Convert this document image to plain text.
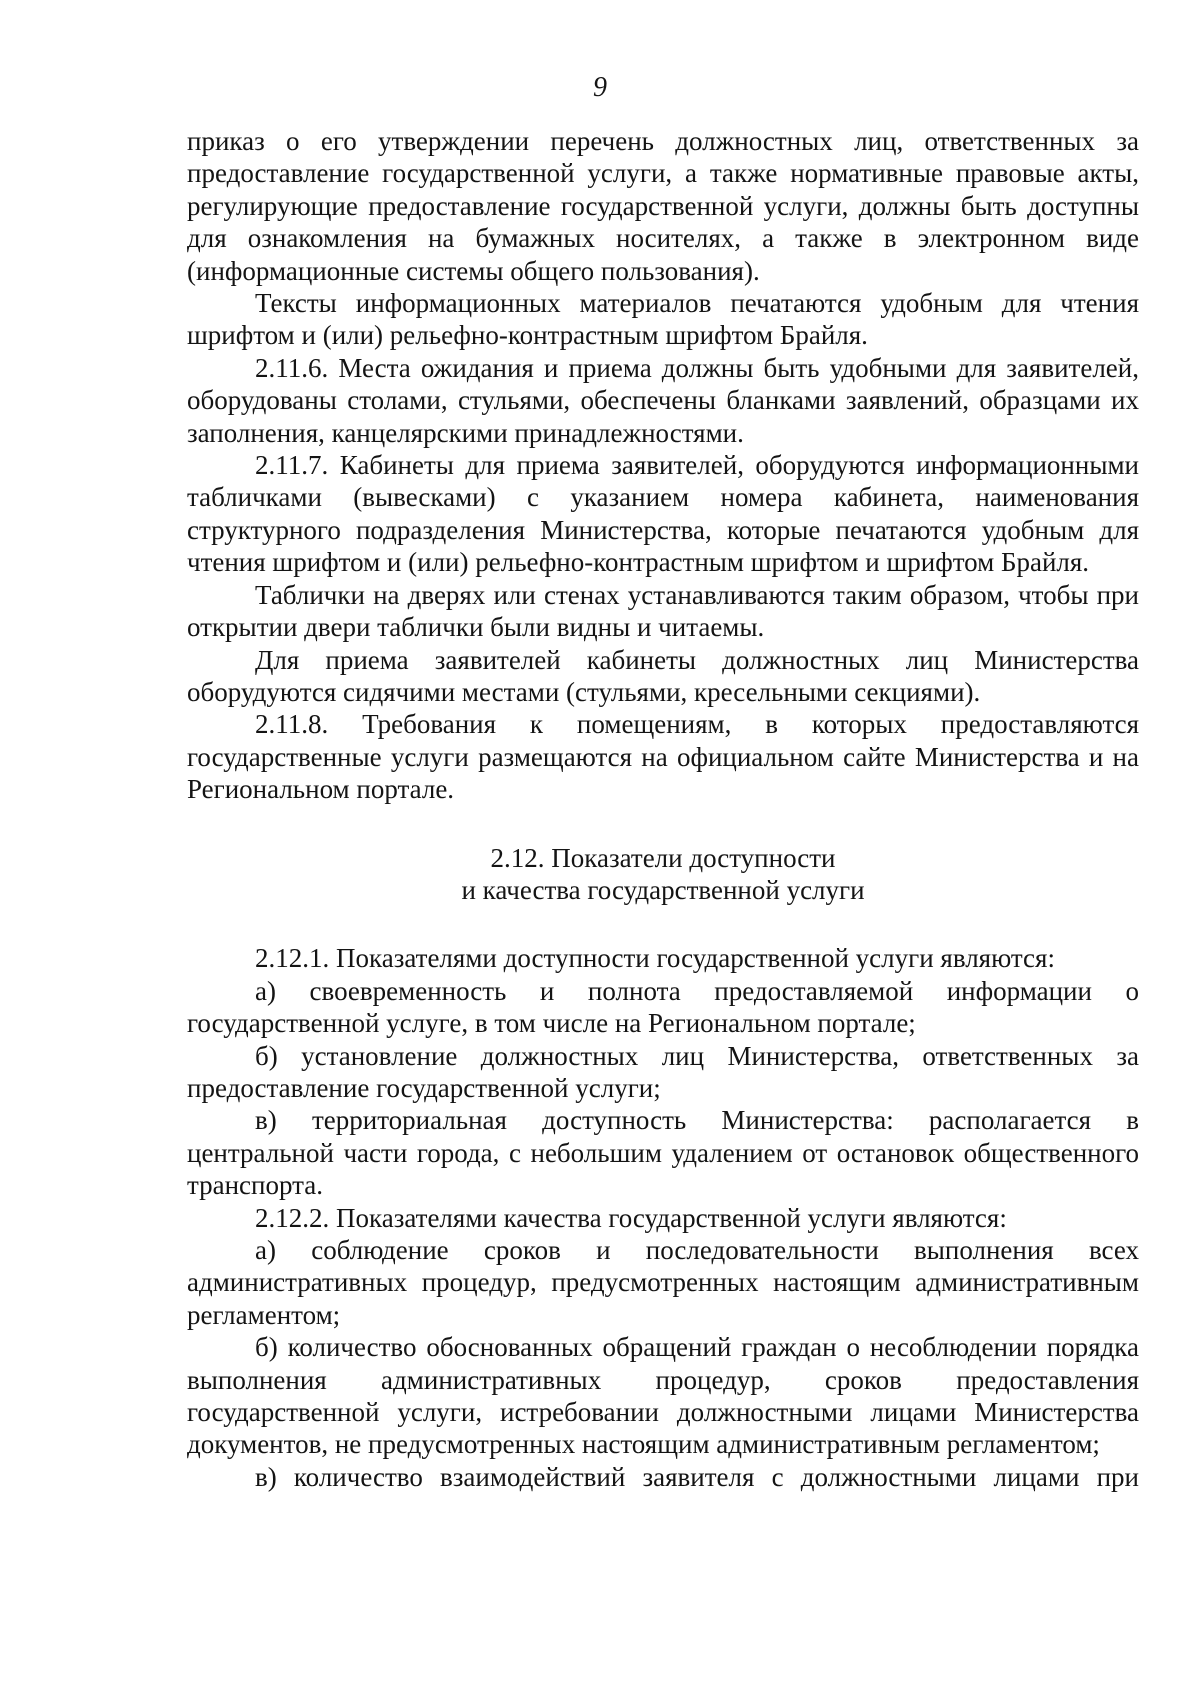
9

приказ о его утверждении перечень должностных лиц, ответственных за предоставление государственной услуги, а также нормативные правовые акты, регулирующие предоставление государственной услуги, должны быть доступны для ознакомления на бумажных носителях, а также в электронном виде (информационные системы общего пользования).

Тексты информационных материалов печатаются удобным для чтения шрифтом и (или) рельефно-контрастным шрифтом Брайля.

2.11.6. Места ожидания и приема должны быть удобными для заявителей, оборудованы столами, стульями, обеспечены бланками заявлений, образцами их заполнения, канцелярскими принадлежностями.

2.11.7. Кабинеты для приема заявителей, оборудуются информационными табличками (вывесками) с указанием номера кабинета, наименования структурного подразделения Министерства, которые печатаются удобным для чтения шрифтом и (или) рельефно-контрастным шрифтом и шрифтом Брайля.

Таблички на дверях или стенах устанавливаются таким образом, чтобы при открытии двери таблички были видны и читаемы.

Для приема заявителей кабинеты должностных лиц Министерства оборудуются сидячими местами (стульями, кресельными секциями).

2.11.8. Требования к помещениям, в которых предоставляются государственные услуги размещаются на официальном сайте Министерства и на Региональном портале.

2.12. Показатели доступности
и качества государственной услуги

2.12.1. Показателями доступности государственной услуги являются:

а) своевременность и полнота предоставляемой информации о государственной услуге, в том числе на Региональном портале;

б) установление должностных лиц Министерства, ответственных за предоставление государственной услуги;

в) территориальная доступность Министерства: располагается в центральной части города, с небольшим удалением от остановок общественного транспорта.

2.12.2. Показателями качества государственной услуги являются:

а) соблюдение сроков и последовательности выполнения всех административных процедур, предусмотренных настоящим административным регламентом;

б) количество обоснованных обращений граждан о несоблюдении порядка выполнения административных процедур, сроков предоставления государственной услуги, истребовании должностными лицами Министерства документов, не предусмотренных настоящим административным регламентом;

в) количество взаимодействий заявителя с должностными лицами при
